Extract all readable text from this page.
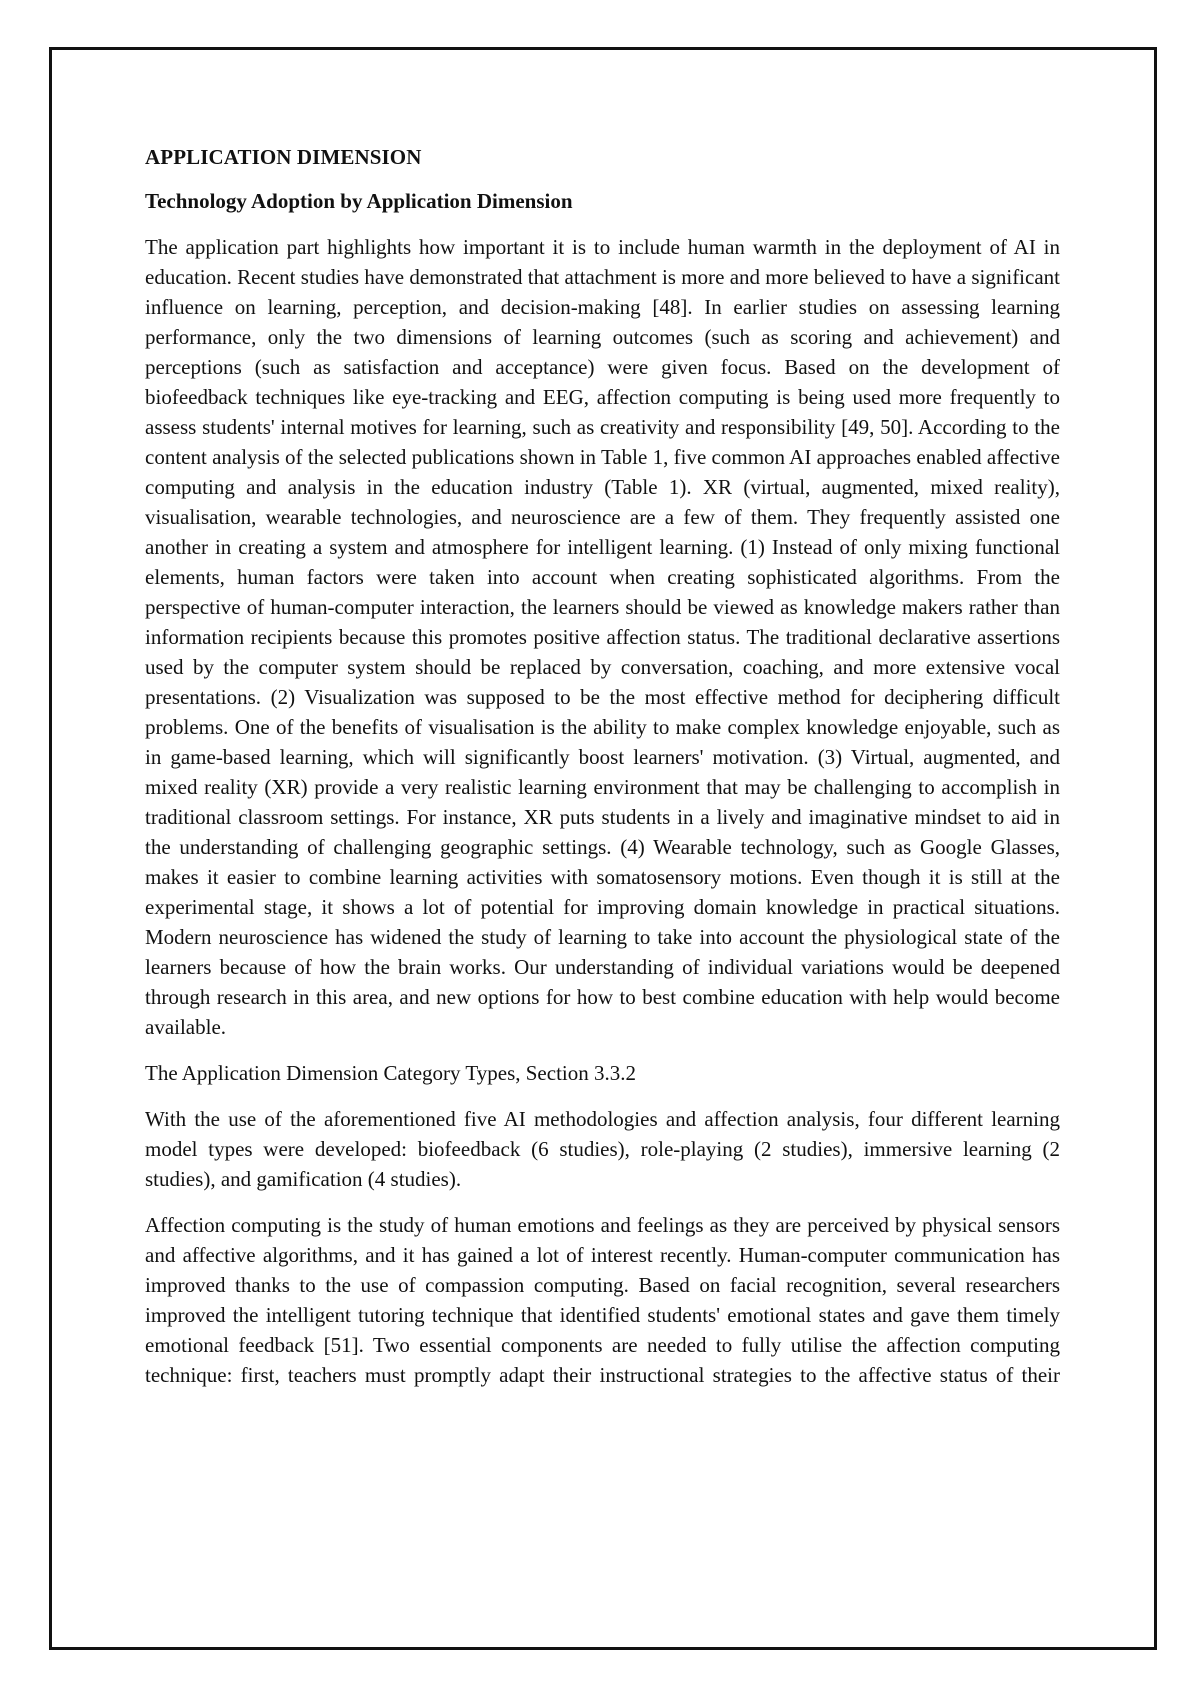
APPLICATION DIMENSION
Technology Adoption by Application Dimension

The application part highlights how important it is to include human warmth in the deployment of AI in education. Recent studies have demonstrated that attachment is more and more believed to have a significant influence on learning, perception, and decision-making [48]. In earlier studies on assessing learning performance, only the two dimensions of learning outcomes (such as scoring and achievement) and perceptions (such as satisfaction and acceptance) were given focus. Based on the development of biofeedback techniques like eye-tracking and EEG, affection computing is being used more frequently to assess students' internal motives for learning, such as creativity and responsibility [49, 50]. According to the content analysis of the selected publications shown in Table 1, five common AI approaches enabled affective computing and analysis in the education industry (Table 1). XR (virtual, augmented, mixed reality), visualisation, wearable technologies, and neuroscience are a few of them. They frequently assisted one another in creating a system and atmosphere for intelligent learning. (1) Instead of only mixing functional elements, human factors were taken into account when creating sophisticated algorithms. From the perspective of human-computer interaction, the learners should be viewed as knowledge makers rather than information recipients because this promotes positive affection status. The traditional declarative assertions used by the computer system should be replaced by conversation, coaching, and more extensive vocal presentations. (2) Visualization was supposed to be the most effective method for deciphering difficult problems. One of the benefits of visualisation is the ability to make complex knowledge enjoyable, such as in game-based learning, which will significantly boost learners' motivation. (3) Virtual, augmented, and mixed reality (XR) provide a very realistic learning environment that may be challenging to accomplish in traditional classroom settings. For instance, XR puts students in a lively and imaginative mindset to aid in the understanding of challenging geographic settings. (4) Wearable technology, such as Google Glasses, makes it easier to combine learning activities with somatosensory motions. Even though it is still at the experimental stage, it shows a lot of potential for improving domain knowledge in practical situations. Modern neuroscience has widened the study of learning to take into account the physiological state of the learners because of how the brain works. Our understanding of individual variations would be deepened through research in this area, and new options for how to best combine education with help would become available.

The Application Dimension Category Types, Section 3.3.2

With the use of the aforementioned five AI methodologies and affection analysis, four different learning model types were developed: biofeedback (6 studies), role-playing (2 studies), immersive learning (2 studies), and gamification (4 studies).

Affection computing is the study of human emotions and feelings as they are perceived by physical sensors and affective algorithms, and it has gained a lot of interest recently. Human-computer communication has improved thanks to the use of compassion computing. Based on facial recognition, several researchers improved the intelligent tutoring technique that identified students' emotional states and gave them timely emotional feedback [51]. Two essential components are needed to fully utilise the affection computing technique: first, teachers must promptly adapt their instructional strategies to the affective status of their
